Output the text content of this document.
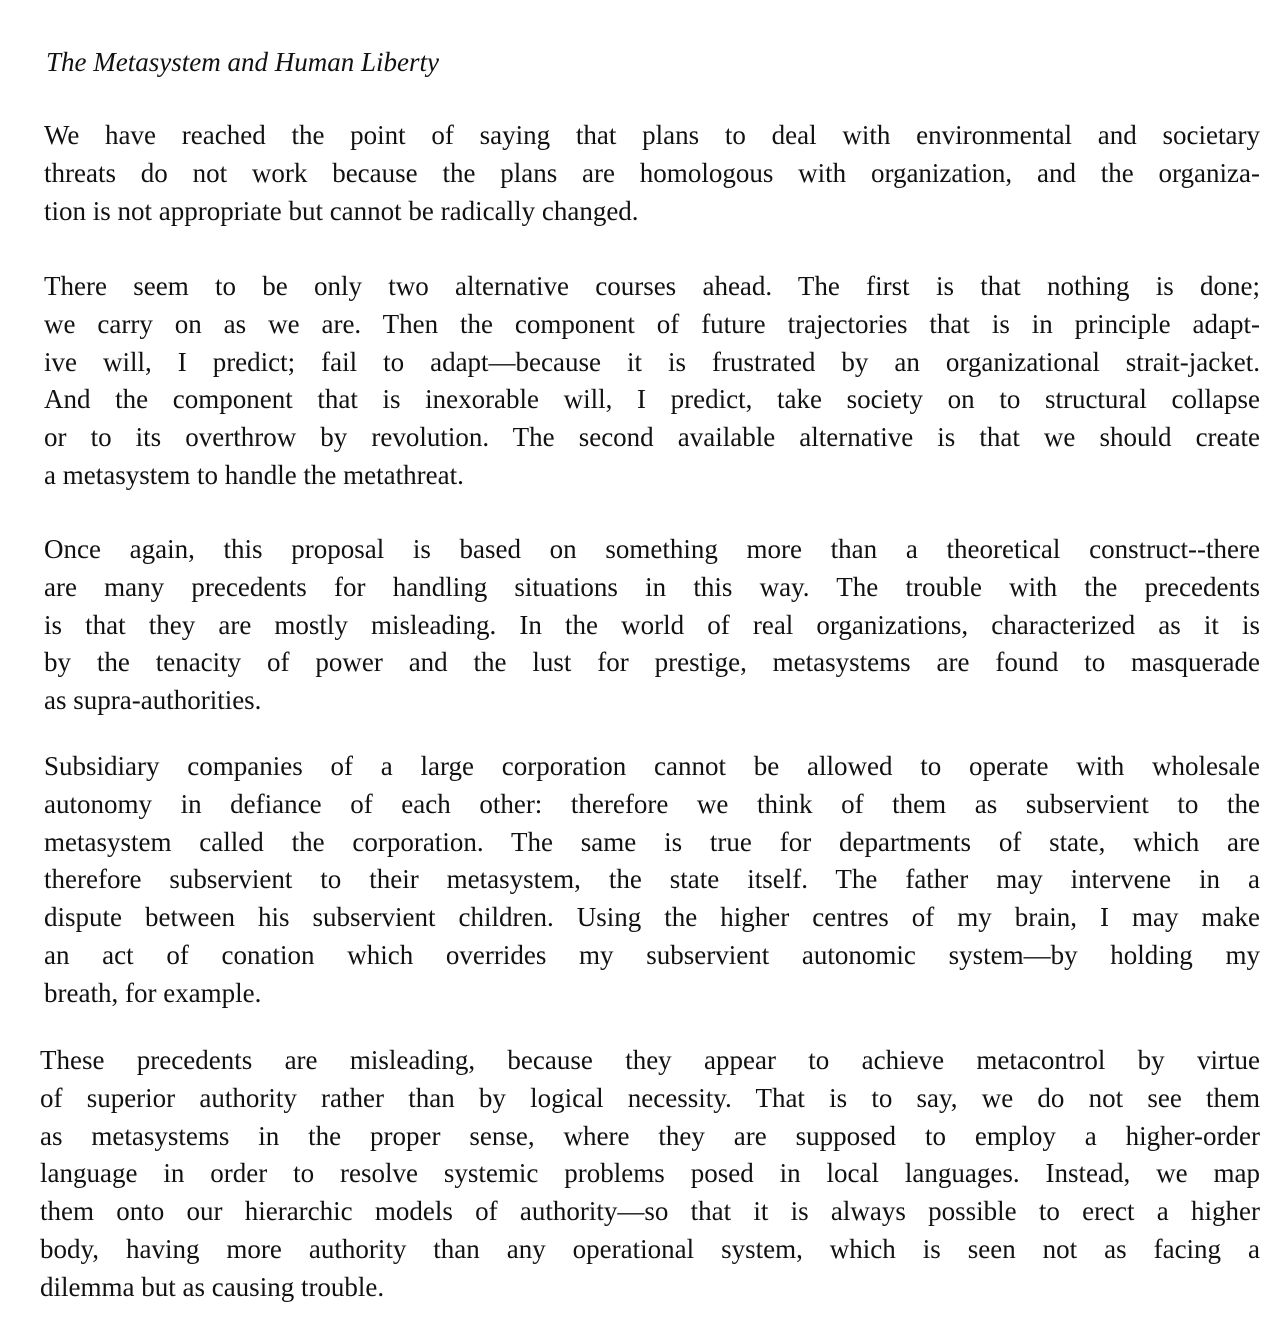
The Metasystem and Human Liberty
We have reached the point of saying that plans to deal with environmental and societary
threats do not work because the plans are homologous with organization, and the organiza-
tion is not appropriate but cannot be radically changed.
There seem to be only two alternative courses ahead. The first is that nothing is done;
we carry on as we are. Then the component of future trajectories that is in principle adapt-
ive will, I predict; fail to adapt—because it is frustrated by an organizational strait-jacket.
And the component that is inexorable will, I predict, take society on to structural collapse
or to its overthrow by revolution. The second available alternative is that we should create
a metasystem to handle the metathreat.
Once again, this proposal is based on something more than a theoretical construct--there
are many precedents for handling situations in this way. The trouble with the precedents
is that they are mostly misleading. In the world of real organizations, characterized as it is
by the tenacity of power and the lust for prestige, metasystems are found to masquerade
as supra-authorities.
Subsidiary companies of a large corporation cannot be allowed to operate with wholesale
autonomy in defiance of each other: therefore we think of them as subservient to the
metasystem called the corporation. The same is true for departments of state, which are
therefore subservient to their metasystem, the state itself. The father may intervene in a
dispute between his subservient children. Using the higher centres of my brain, I may make
an act of conation which overrides my subservient autonomic system—by holding my
breath, for example.
These precedents are misleading, because they appear to achieve metacontrol by virtue
of superior authority rather than by logical necessity. That is to say, we do not see them
as metasystems in the proper sense, where they are supposed to employ a higher-order
language in order to resolve systemic problems posed in local languages. Instead, we map
them onto our hierarchic models of authority—so that it is always possible to erect a higher
body, having more authority than any operational system, which is seen not as facing a
dilemma but as causing trouble.
